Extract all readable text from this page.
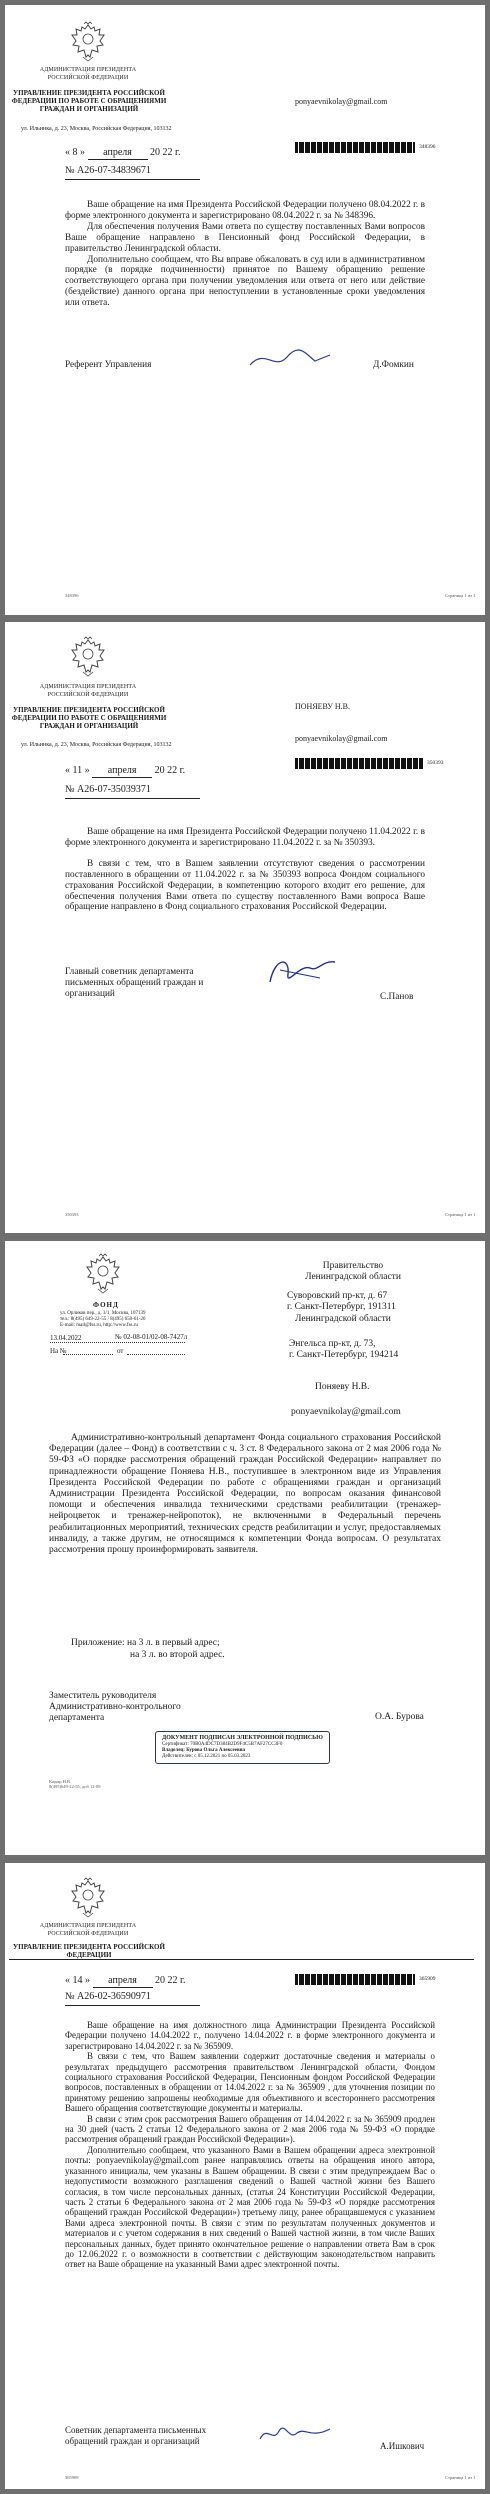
АДМИНИСТРАЦИЯ ПРЕЗИДЕНТА РОССИЙСКОЙ ФЕДЕРАЦИИ
УПРАВЛЕНИЕ ПРЕЗИДЕНТА РОССИЙСКОЙ ФЕДЕРАЦИИ ПО РАБОТЕ С ОБРАЩЕНИЯМИ ГРАЖДАН И ОРГАНИЗАЦИЙ
ул. Ильинка, д. 23, Москва, Российская Федерация, 103132
ponyaevnikolay@gmail.com
« 8 » апреля 20 22 г.	348396
№ А26-07-34839671

Ваше обращение на имя Президента Российской Федерации получено 08.04.2022 г. в форме электронного документа и зарегистрировано 08.04.2022 г. за № 348396.

Для обеспечения получения Вами ответа по существу поставленных Вами вопросов Ваше обращение направлено в Пенсионный фонд Российской Федерации, в правительство Ленинградской области.

Дополнительно сообщаем, что Вы вправе обжаловать в суд или в административном порядке (в порядке подчиненности) принятое по Вашему обращению решение соответствующего органа при получении уведомления или ответа от него или действие (бездействие) данного органа при непоступлении в установленные сроки уведомления или ответа.

Референт Управления	Д.Фомкин
348396	Страница 1 из 1
АДМИНИСТРАЦИЯ ПРЕЗИДЕНТА РОССИЙСКОЙ ФЕДЕРАЦИИ
УПРАВЛЕНИЕ ПРЕЗИДЕНТА РОССИЙСКОЙ ФЕДЕРАЦИИ ПО РАБОТЕ С ОБРАЩЕНИЯМИ ГРАЖДАН И ОРГАНИЗАЦИЙ
ул. Ильинка, д. 23, Москва, Российская Федерация, 103132
ПОНЯЕВУ Н.В.
ponyaevnikolay@gmail.com
« 11 » апреля 20 22 г.
350393
№ А26-07-35039371

Ваше обращение на имя Президента Российской Федерации получено 11.04.2022 г. в форме электронного документа и зарегистрировано 11.04.2022 г. за № 350393.

В связи с тем, что в Вашем заявлении отсутствуют сведения о рассмотрении поставленного в обращении от 11.04.2022 г. за № 350393 вопроса Фондом социального страхования Российской Федерации, в компетенцию которого входит его решение, для обеспечения получения Вами ответа по существу поставленного Вами вопроса Ваше обращение направлено в Фонд социального страхования Российской Федерации.

Главный советник департамента письменных обращений граждан и организаций	С.Панов
350393	Страница 1 из 1
ФОНД
ул. Орликов пер., д. 3/1, Москва, 107139
тел.: 8(495) 649-22-55 / 8(495) 650-61-20
E-mail: mail@fss.ru, http://www.fss.ru
13.04.2022	№ 02-08-01/02-08-7427л
На №	от
Правительство Ленинградской области
Суворовский пр-кт, д. 67
г. Санкт-Петербург, 191311
Ленинградской области
Энгельса пр-кт, д. 73,
г. Санкт-Петербург, 194214
Поняеву Н.В.
ponyaevnikolay@gmail.com

Административно-контрольный департамент Фонда социального страхования Российской Федерации (далее – Фонд) в соответствии с ч. 3 ст. 8 Федерального закона от 2 мая 2006 года № 59-ФЗ «О порядке рассмотрения обращений граждан Российской Федерации» направляет по принадлежности обращение Поняева Н.В., поступившее в электронном виде из Управления Президента Российской Федерации по работе с обращениями граждан и организаций Администрации Президента Российской Федерации, по вопросам оказания финансовой помощи и обеспечения инвалида техническими средствами реабилитации (тренажер-нейроцветок и тренажер-нейропоток), не включенными в Федеральный перечень реабилитационных мероприятий, технических средств реабилитации и услуг, предоставляемых инвалиду, а также другим, не относящимся к компетенции Фонда вопросам. О результатах рассмотрения прошу проинформировать заявителя.

Приложение: на 3 л. в первый адрес;
на 3 л. во второй адрес.
Заместитель руководителя Административно-контрольного департамента	О.А. Бурова
ДОКУМЕНТ ПОДПИСАН ЭЛЕКТРОННОЙ ПОДПИСЬЮ
Сертификат: 70B0A4DC7D384B2D9F4C5B7AF27CC3F0
Владелец: Бурова Ольга Алексеевна
Действителен: с 05.12.2021 по 05.03.2023
Кадыр Н.В.
8(495)649-22-55, доб.12-09
АДМИНИСТРАЦИЯ ПРЕЗИДЕНТА РОССИЙСКОЙ ФЕДЕРАЦИИ
УПРАВЛЕНИЕ ПРЕЗИДЕНТА РОССИЙСКОЙ ФЕДЕРАЦИИ
« 14 » апреля 20 22 г.	365909
№ А26-02-36590971

Ваше обращение на имя должностного лица Администрации Президента Российской Федерации получено 14.04.2022 г., получено 14.04.2022 г. в форме электронного документа и зарегистрировано 14.04.2022 г. за № 365909.

В связи с тем, что Вашем заявлении содержит достаточные сведения и материалы о результатах предыдущего рассмотрения правительством Ленинградской области, Фондом социального страхования Российской Федерации, Пенсионным фондом Российской Федерации вопросов, поставленных в обращении от 14.04.2022 г. за № 365909 , для уточнения позиции по принятому решению запрошены необходимые для объективного и всестороннего рассмотрения Вашего обращения соответствующие документы и материалы.

В связи с этим срок рассмотрения Вашего обращения от 14.04.2022 г. за № 365909 продлен на 30 дней (часть 2 статьи 12 Федерального закона от 2 мая 2006 года № 59-ФЗ «О порядке рассмотрения обращений граждан Российской Федерации»).

Дополнительно сообщаем, что указанного Вами в Вашем обращении адреса электронной почты: ponyaevnikolay@gmail.com ранее направлялись ответы на обращения иного автора, указанного инициалы, чем указаны в Вашем обращении. В связи с этим предупреждаем Вас о недопустимости возможного разглашения сведений о Вашей частной жизни без Вашего согласия, в том числе персональных данных, (статья 24 Конституции Российской Федерации, часть 2 статьи 6 Федерального закона от 2 мая 2006 года № 59-ФЗ «О порядке рассмотрения обращений граждан Российской Федерации») третьему лицу, ранее обращавшемуся с указанием Вами адреса электронной почты. В связи с этим по результатам полученных документов и материалов и с учетом содержания в них сведений о Вашей частной жизни, в том числе Ваших персональных данных, будет принято окончательное решение о направлении ответа Вам в срок до 12.06.2022 г. о возможности в соответствии с действующим законодательством направить ответ на Ваше обращение на указанный Вами адрес электронной почты.

Советник департамента письменных обращений граждан и организаций	А.Ишкович
365909	Страница 1 из 1
